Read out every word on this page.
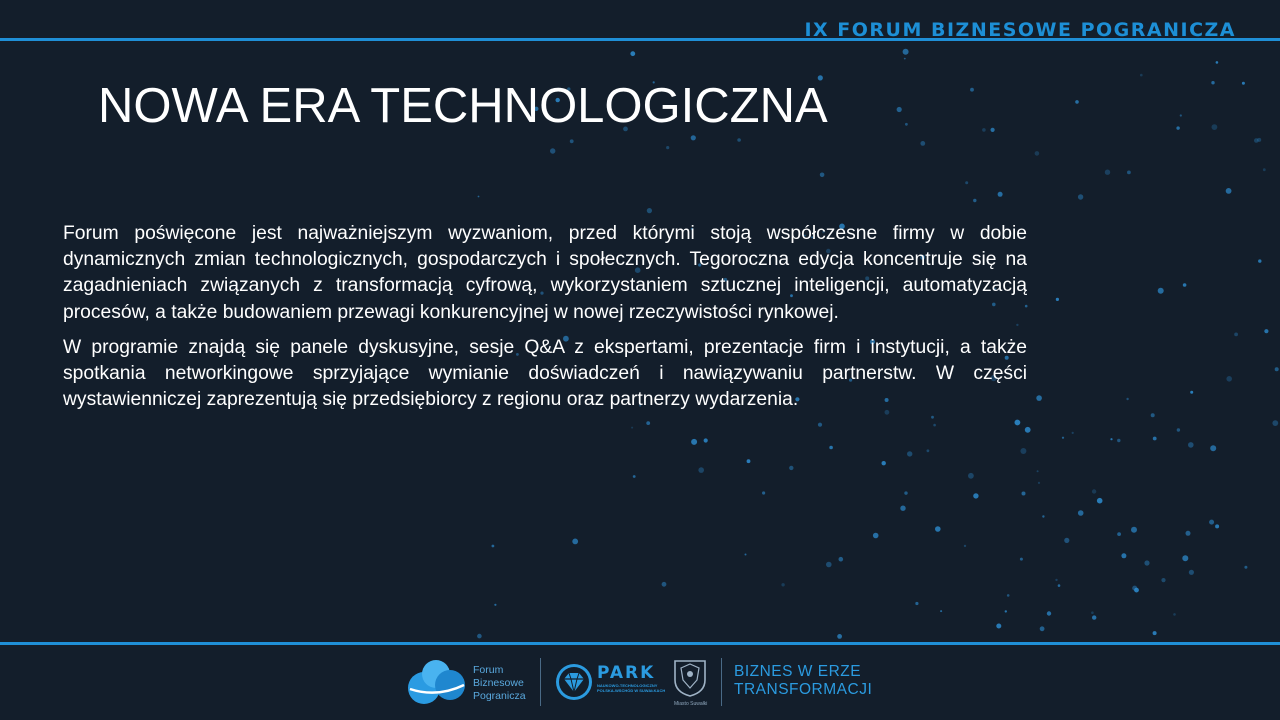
IX FORUM BIZNESOWE POGRANICZA
NOWA ERA TECHNOLOGICZNA

Forum poświęcone jest najważniejszym wyzwaniom, przed którymi stoją współczesne firmy w dobie dynamicznych zmian technologicznych, gospodarczych i społecznych. Tegoroczna edycja koncentruje się na zagadnieniach związanych z transformacją cyfrową, wykorzystaniem sztucznej inteligencji, automatyzacją procesów, a także budowaniem przewagi konkurencyjnej w nowej rzeczywistości rynkowej.

W programie znajdą się panele dyskusyjne, sesje Q&A z ekspertami, prezentacje firm i instytucji, a także spotkania networkingowe sprzyjające wymianie doświadczeń i nawiązywaniu partnerstw. W części wystawienniczej zaprezentują się przedsiębiorcy z regionu oraz partnerzy wydarzenia.

Forum
Biznesowe
Pogranicza
PARK
NAUKOWO-TECHNOLOGICZNY POLSKA-WSCHÓD W SUWAŁKACH
Miasto Suwałki
BIZNES W ERZE
TRANSFORMACJI
